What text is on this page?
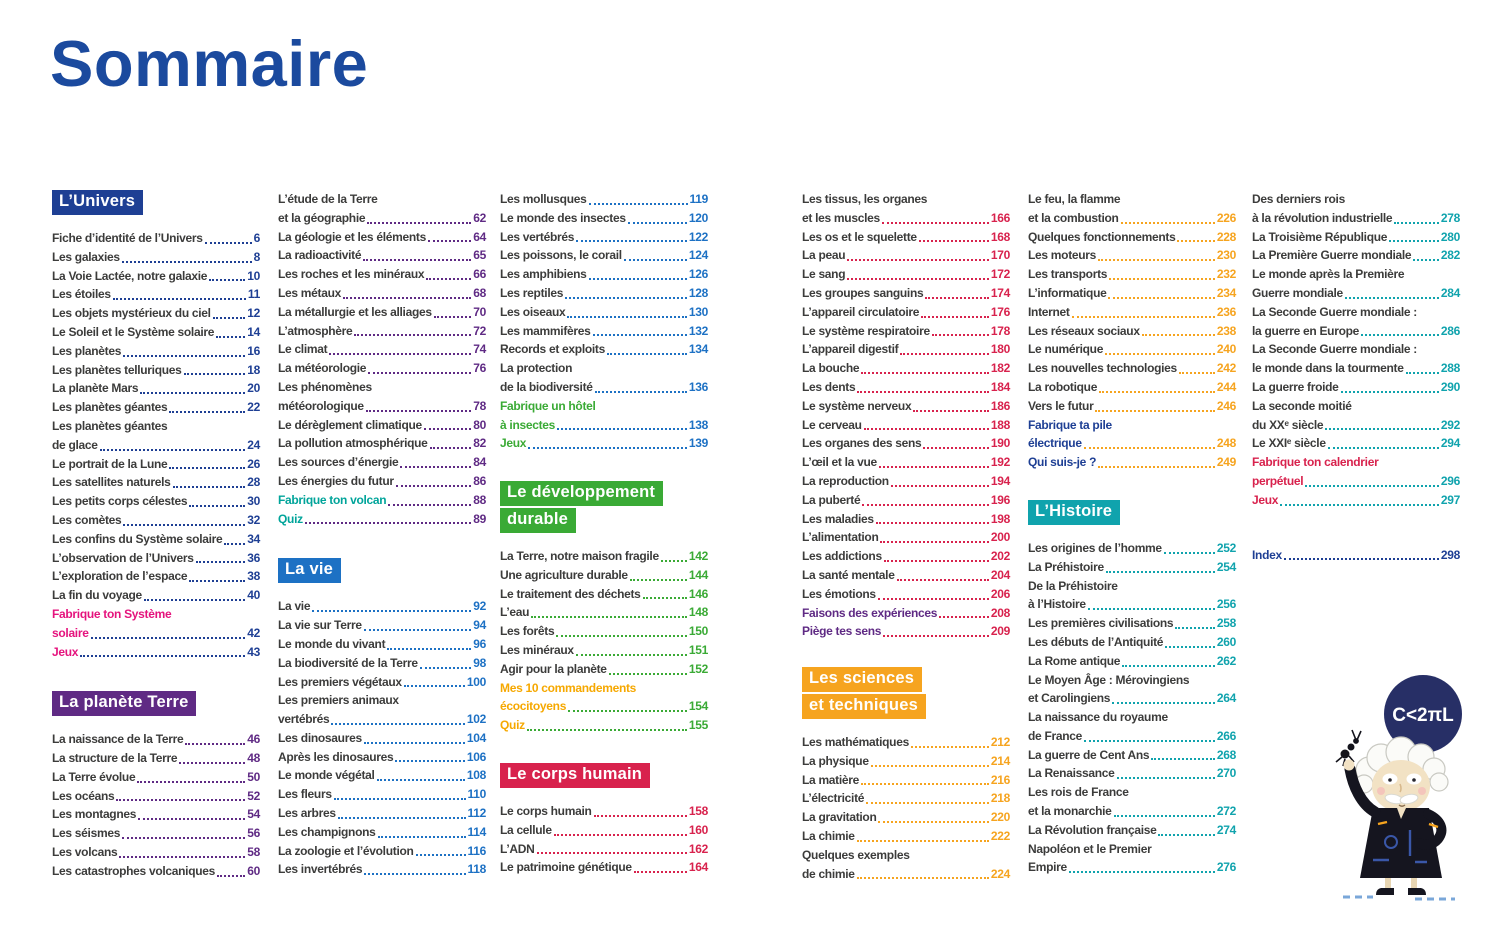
Sommaire
L’Univers
Fiche d’identité de l’Univers	6
Les galaxies	8
La Voie Lactée, notre galaxie	10
Les étoiles	11
Les objets mystérieux du ciel	12
Le Soleil et le Système solaire	14
Les planètes	16
Les planètes telluriques	18
La planète Mars	20
Les planètes géantes	22
Les planètes géantes
de glace	24
Le portrait de la Lune	26
Les satellites naturels	28
Les petits corps célestes	30
Les comètes	32
Les confins du Système solaire 34
L’observation de l’Univers	36
L’exploration de l’espace	38
La fin du voyage	40
Fabrique ton Système
solaire	42
Jeux	43
La planète Terre
La naissance de la Terre	46
La structure de la Terre	48
La Terre évolue	50
Les océans	52
Les montagnes	54
Les séismes	56
Les volcans	58
Les catastrophes volcaniques	60
L’étude de la Terre
et la géographie	62
La géologie et les éléments	64
La radioactivité	65
Les roches et les minéraux	66
Les métaux	68
La métallurgie et les alliages	70
L’atmosphère	72
Le climat	74
La météorologie	76
Les phénomènes
météorologique	78
Le dérèglement climatique	80
La pollution atmosphérique	82
Les sources d’énergie	84
Les énergies du futur	86
Fabrique ton volcan	88
Quiz	89
La vie
La vie	92
La vie sur Terre	94
Le monde du vivant	96
La biodiversité de la Terre	98
Les premiers végétaux	100
Les premiers animaux
vertébrés	102
Les dinosaures	104
Après les dinosaures	106
Le monde végétal	108
Les fleurs	110
Les arbres	112
Les champignons	114
La zoologie et l’évolution	116
Les invertébrés	118
Les mollusques	119
Le monde des insectes	120
Les vertébrés	122
Les poissons, le corail	124
Les amphibiens	126
Les reptiles	128
Les oiseaux	130
Les mammifères	132
Records et exploits	134
La protection
de la biodiversité	136
Fabrique un hôtel
à insectes	138
Jeux	139
Le développement
durable
La Terre, notre maison fragile	142
Une agriculture durable	144
Le traitement des déchets	146
L’eau	148
Les forêts	150
Les minéraux	151
Agir pour la planète	152
Mes 10 commandements
écocitoyens	154
Quiz	155
Le corps humain
Le corps humain	158
La cellule	160
L’ADN	162
Le patrimoine génétique	164
Les tissus, les organes
et les muscles	166
Les os et le squelette	168
La peau	170
Le sang	172
Les groupes sanguins	174
L’appareil circulatoire	176
Le système respiratoire	178
L’appareil digestif	180
La bouche	182
Les dents	184
Le système nerveux	186
Le cerveau	188
Les organes des sens	190
L’œil et la vue	192
La reproduction	194
La puberté	196
Les maladies	198
L’alimentation	200
Les addictions	202
La santé mentale	204
Les émotions	206
Faisons des expériences	208
Piège tes sens	209
Les sciences
et techniques
Les mathématiques	212
La physique	214
La matière	216
L’électricité	218
La gravitation	220
La chimie	222
Quelques exemples
de chimie	224
Le feu, la flamme
et la combustion	226
Quelques fonctionnements	228
Les moteurs	230
Les transports	232
L’informatique	234
Internet	236
Les réseaux sociaux	238
Le numérique	240
Les nouvelles technologies	242
La robotique	244
Vers le futur	246
Fabrique ta pile
électrique	248
Qui suis-je ?	249
L’Histoire
Les origines de l’homme	252
La Préhistoire	254
De la Préhistoire
à l’Histoire	256
Les premières civilisations	258
Les débuts de l’Antiquité	260
La Rome antique	262
Le Moyen Âge : Mérovingiens
et Carolingiens	264
La naissance du royaume
de France	266
La guerre de Cent Ans	268
La Renaissance	270
Les rois de France
et la monarchie	272
La Révolution française	274
Napoléon et le Premier
Empire	276
Des derniers rois
à la révolution industrielle	278
La Troisième République	280
La Première Guerre mondiale 282
Le monde après la Première
Guerre mondiale	284
La Seconde Guerre mondiale :
la guerre en Europe	286
La Seconde Guerre mondiale :
le monde dans la tourmente	288
La guerre froide	290
La seconde moitié
du XXᵉ siècle	292
Le XXIᵉ siècle	294
Fabrique ton calendrier
perpétuel	296
Jeux	297
Index	298
C<2πL
